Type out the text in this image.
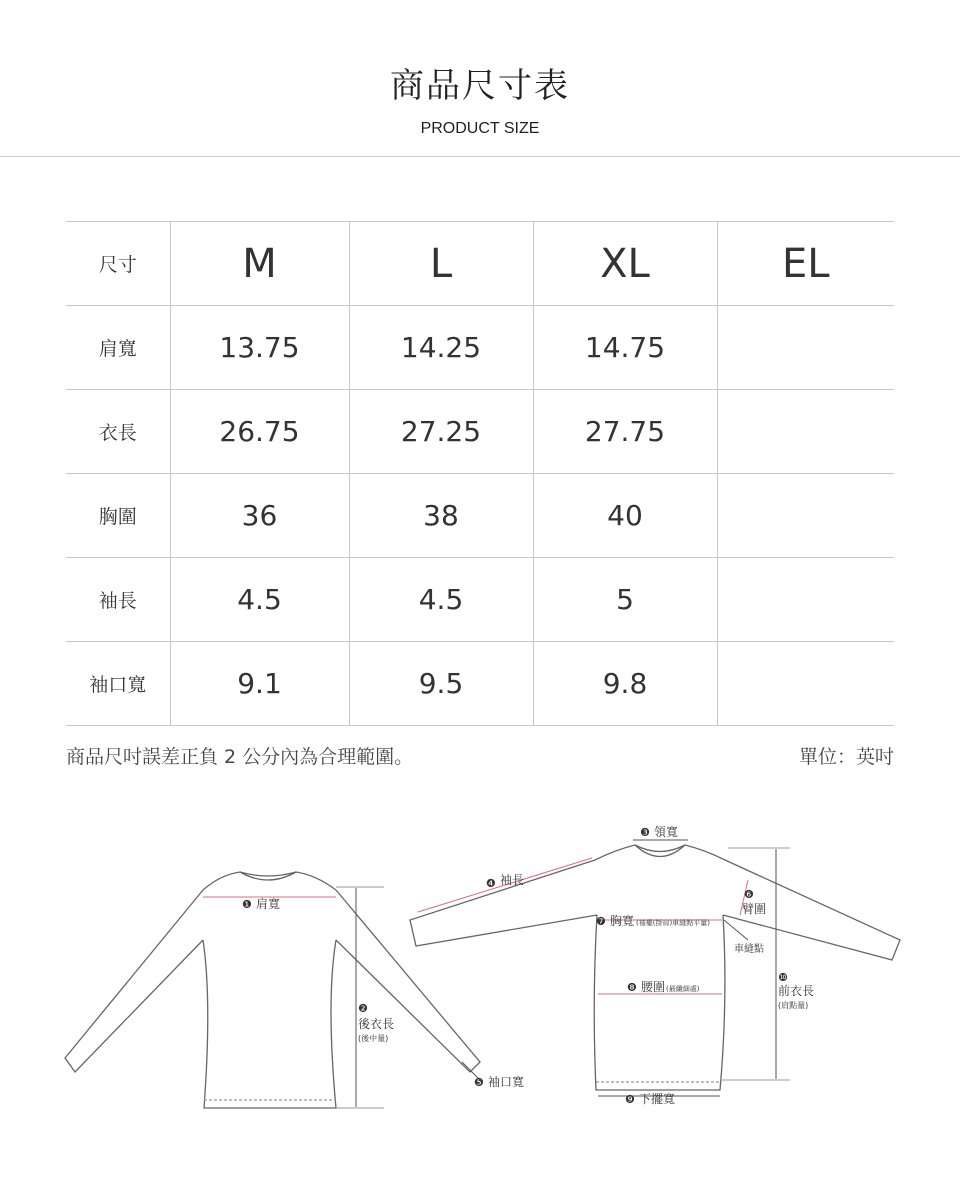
商品尺寸表
PRODUCT SIZE
尺寸	M	L	XL	EL
肩寬	13.75	14.25	14.75	
衣長	26.75	27.25	27.75	
胸圍	36	38	40	
袖長	4.5	4.5	5	
袖口寬	9.1	9.5	9.8	
商品尺吋誤差正負 2 公分內為合理範圍。	單位：英吋
❶ 肩寬
❷
後衣長
(後中量)
❺ 袖口寬
❸ 領寬
❹ 袖長
❻
臂圍
❼ 胸寬 (袖襱(掛肩)車縫點平量)
車縫點
❽ 腰圍 (最纖細處)
❾ 下擺寬
❿
前衣長
(肩點量)
